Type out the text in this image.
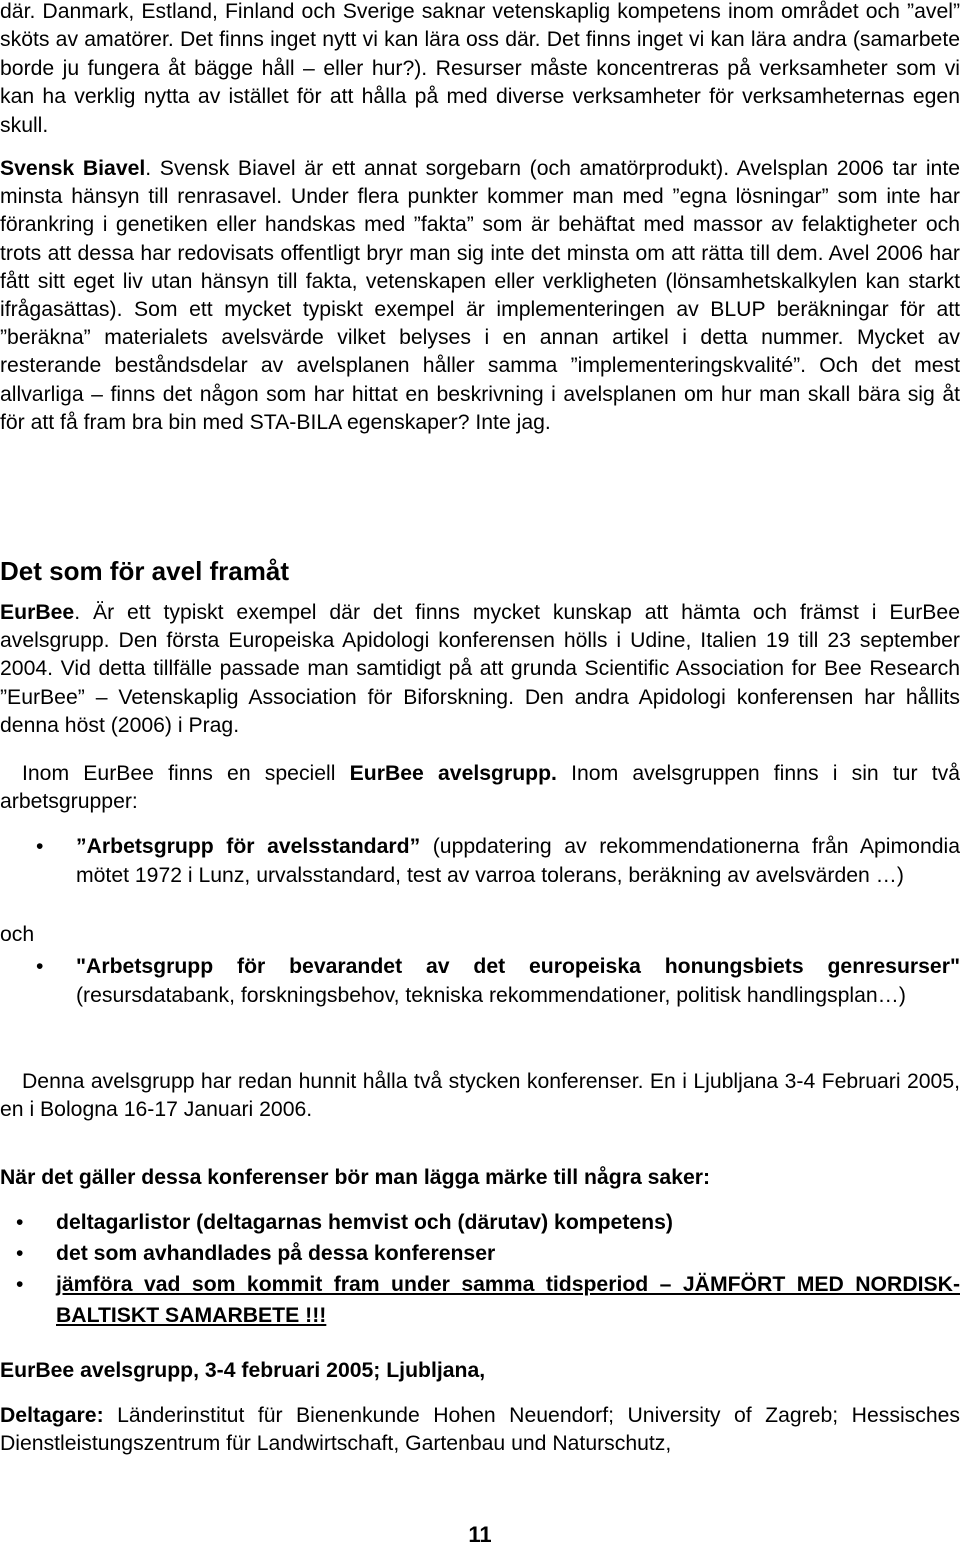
där. Danmark, Estland, Finland och Sverige saknar vetenskaplig kompetens inom området och ”avel” sköts av amatörer. Det finns inget nytt vi kan lära oss där. Det finns inget vi kan lära andra (samarbete borde ju fungera åt bägge håll – eller hur?). Resurser måste koncentreras på verksamheter som vi kan ha verklig nytta av istället för att hålla på med diverse verksamheter för verksamheternas egen skull.

Svensk Biavel. Svensk Biavel är ett annat sorgebarn (och amatörprodukt). Avelsplan 2006 tar inte minsta hänsyn till renrasavel. Under flera punkter kommer man med ”egna lösningar” som inte har förankring i genetiken eller handskas med ”fakta” som är behäftat med massor av felaktigheter och trots att dessa har redovisats offentligt bryr man sig inte det minsta om att rätta till dem. Avel 2006 har fått sitt eget liv utan hänsyn till fakta, vetenskapen eller verkligheten (lönsamhetskalkylen kan starkt ifrågasättas). Som ett mycket typiskt exempel är implementeringen av BLUP beräkningar för att ”beräkna” materialets avelsvärde vilket belyses i en annan artikel i detta nummer. Mycket av resterande beståndsdelar av avelsplanen håller samma ”implementeringskvalité”. Och det mest allvarliga – finns det någon som har hittat en beskrivning i avelsplanen om hur man skall bära sig åt för att få fram bra bin med STA-BILA egenskaper? Inte jag.

Det som för avel framåt

EurBee. Är ett typiskt exempel där det finns mycket kunskap att hämta och främst i EurBee avelsgrupp. Den första Europeiska Apidologi konferensen hölls i Udine, Italien 19 till 23 september 2004. Vid detta tillfälle passade man samtidigt på att grunda Scientific Association for Bee Research ”EurBee” – Vetenskaplig Association för Biforskning. Den andra Apidologi konferensen har hållits denna höst (2006) i Prag.

Inom EurBee finns en speciell EurBee avelsgrupp. Inom avelsgruppen finns i sin tur två arbetsgrupper:

• ”Arbetsgrupp för avelsstandard” (uppdatering av rekommendationerna från Apimondia mötet 1972 i Lunz, urvalsstandard, test av varroa tolerans, beräkning av avelsvärden …)

och

• "Arbetsgrupp för bevarandet av det europeiska honungsbiets genresurser" (resursdatabank, forskningsbehov, tekniska rekommendationer, politisk handlingsplan…)

Denna avelsgrupp har redan hunnit hålla två stycken konferenser. En i Ljubljana 3-4 Februari 2005, en i Bologna 16-17 Januari 2006.

När det gäller dessa konferenser bör man lägga märke till några saker:

• deltagarlistor (deltagarnas hemvist och (därutav) kompetens)
• det som avhandlades på dessa konferenser
• jämföra vad som kommit fram under samma tidsperiod – JÄMFÖRT MED NORDISK-BALTISKT SAMARBETE !!!

EurBee avelsgrupp, 3-4 februari 2005; Ljubljana,

Deltagare: Länderinstitut für Bienenkunde Hohen Neuendorf; University of Zagreb; Hessisches Dienstleistungszentrum für Landwirtschaft, Gartenbau und Naturschutz,

11
